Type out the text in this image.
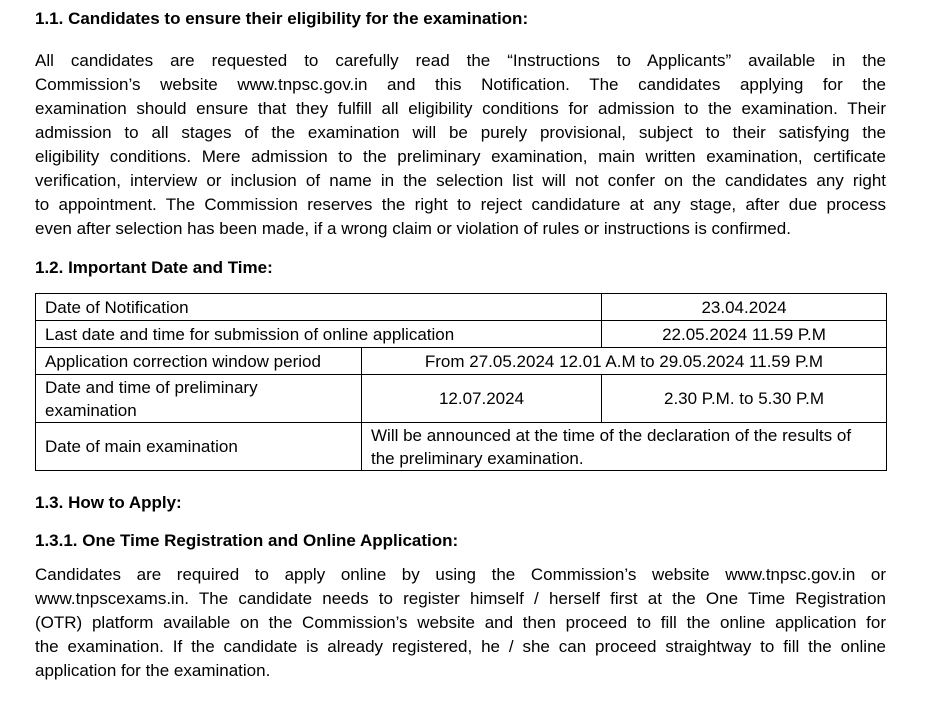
1.1. Candidates to ensure their eligibility for the examination:
All candidates are requested to carefully read the “Instructions to Applicants” available in the
Commission’s website www.tnpsc.gov.in and this Notification. The candidates applying for the
examination should ensure that they fulfill all eligibility conditions for admission to the examination. Their
admission to all stages of the examination will be purely provisional, subject to their satisfying the
eligibility conditions. Mere admission to the preliminary examination, main written examination, certificate
verification, interview or inclusion of name in the selection list will not confer on the candidates any right
to appointment. The Commission reserves the right to reject candidature at any stage, after due process
even after selection has been made, if a wrong claim or violation of rules or instructions is confirmed.
1.2. Important Date and Time:
Date of Notification		23.04.2024
Last date and time for submission of online application		22.05.2024 11.59 P.M
Application correction window period	From 27.05.2024 12.01 A.M to 29.05.2024 11.59 P.M	
Date and time of preliminary examination	12.07.2024	2.30 P.M. to 5.30 P.M
Date of main examination	Will be announced at the time of the declaration of the results of the preliminary examination.	
1.3. How to Apply:
1.3.1. One Time Registration and Online Application:
Candidates are required to apply online by using the Commission’s website www.tnpsc.gov.in or
www.tnpscexams.in. The candidate needs to register himself / herself first at the One Time Registration
(OTR) platform available on the Commission’s website and then proceed to fill the online application for
the examination. If the candidate is already registered, he / she can proceed straightway to fill the online
application for the examination.
